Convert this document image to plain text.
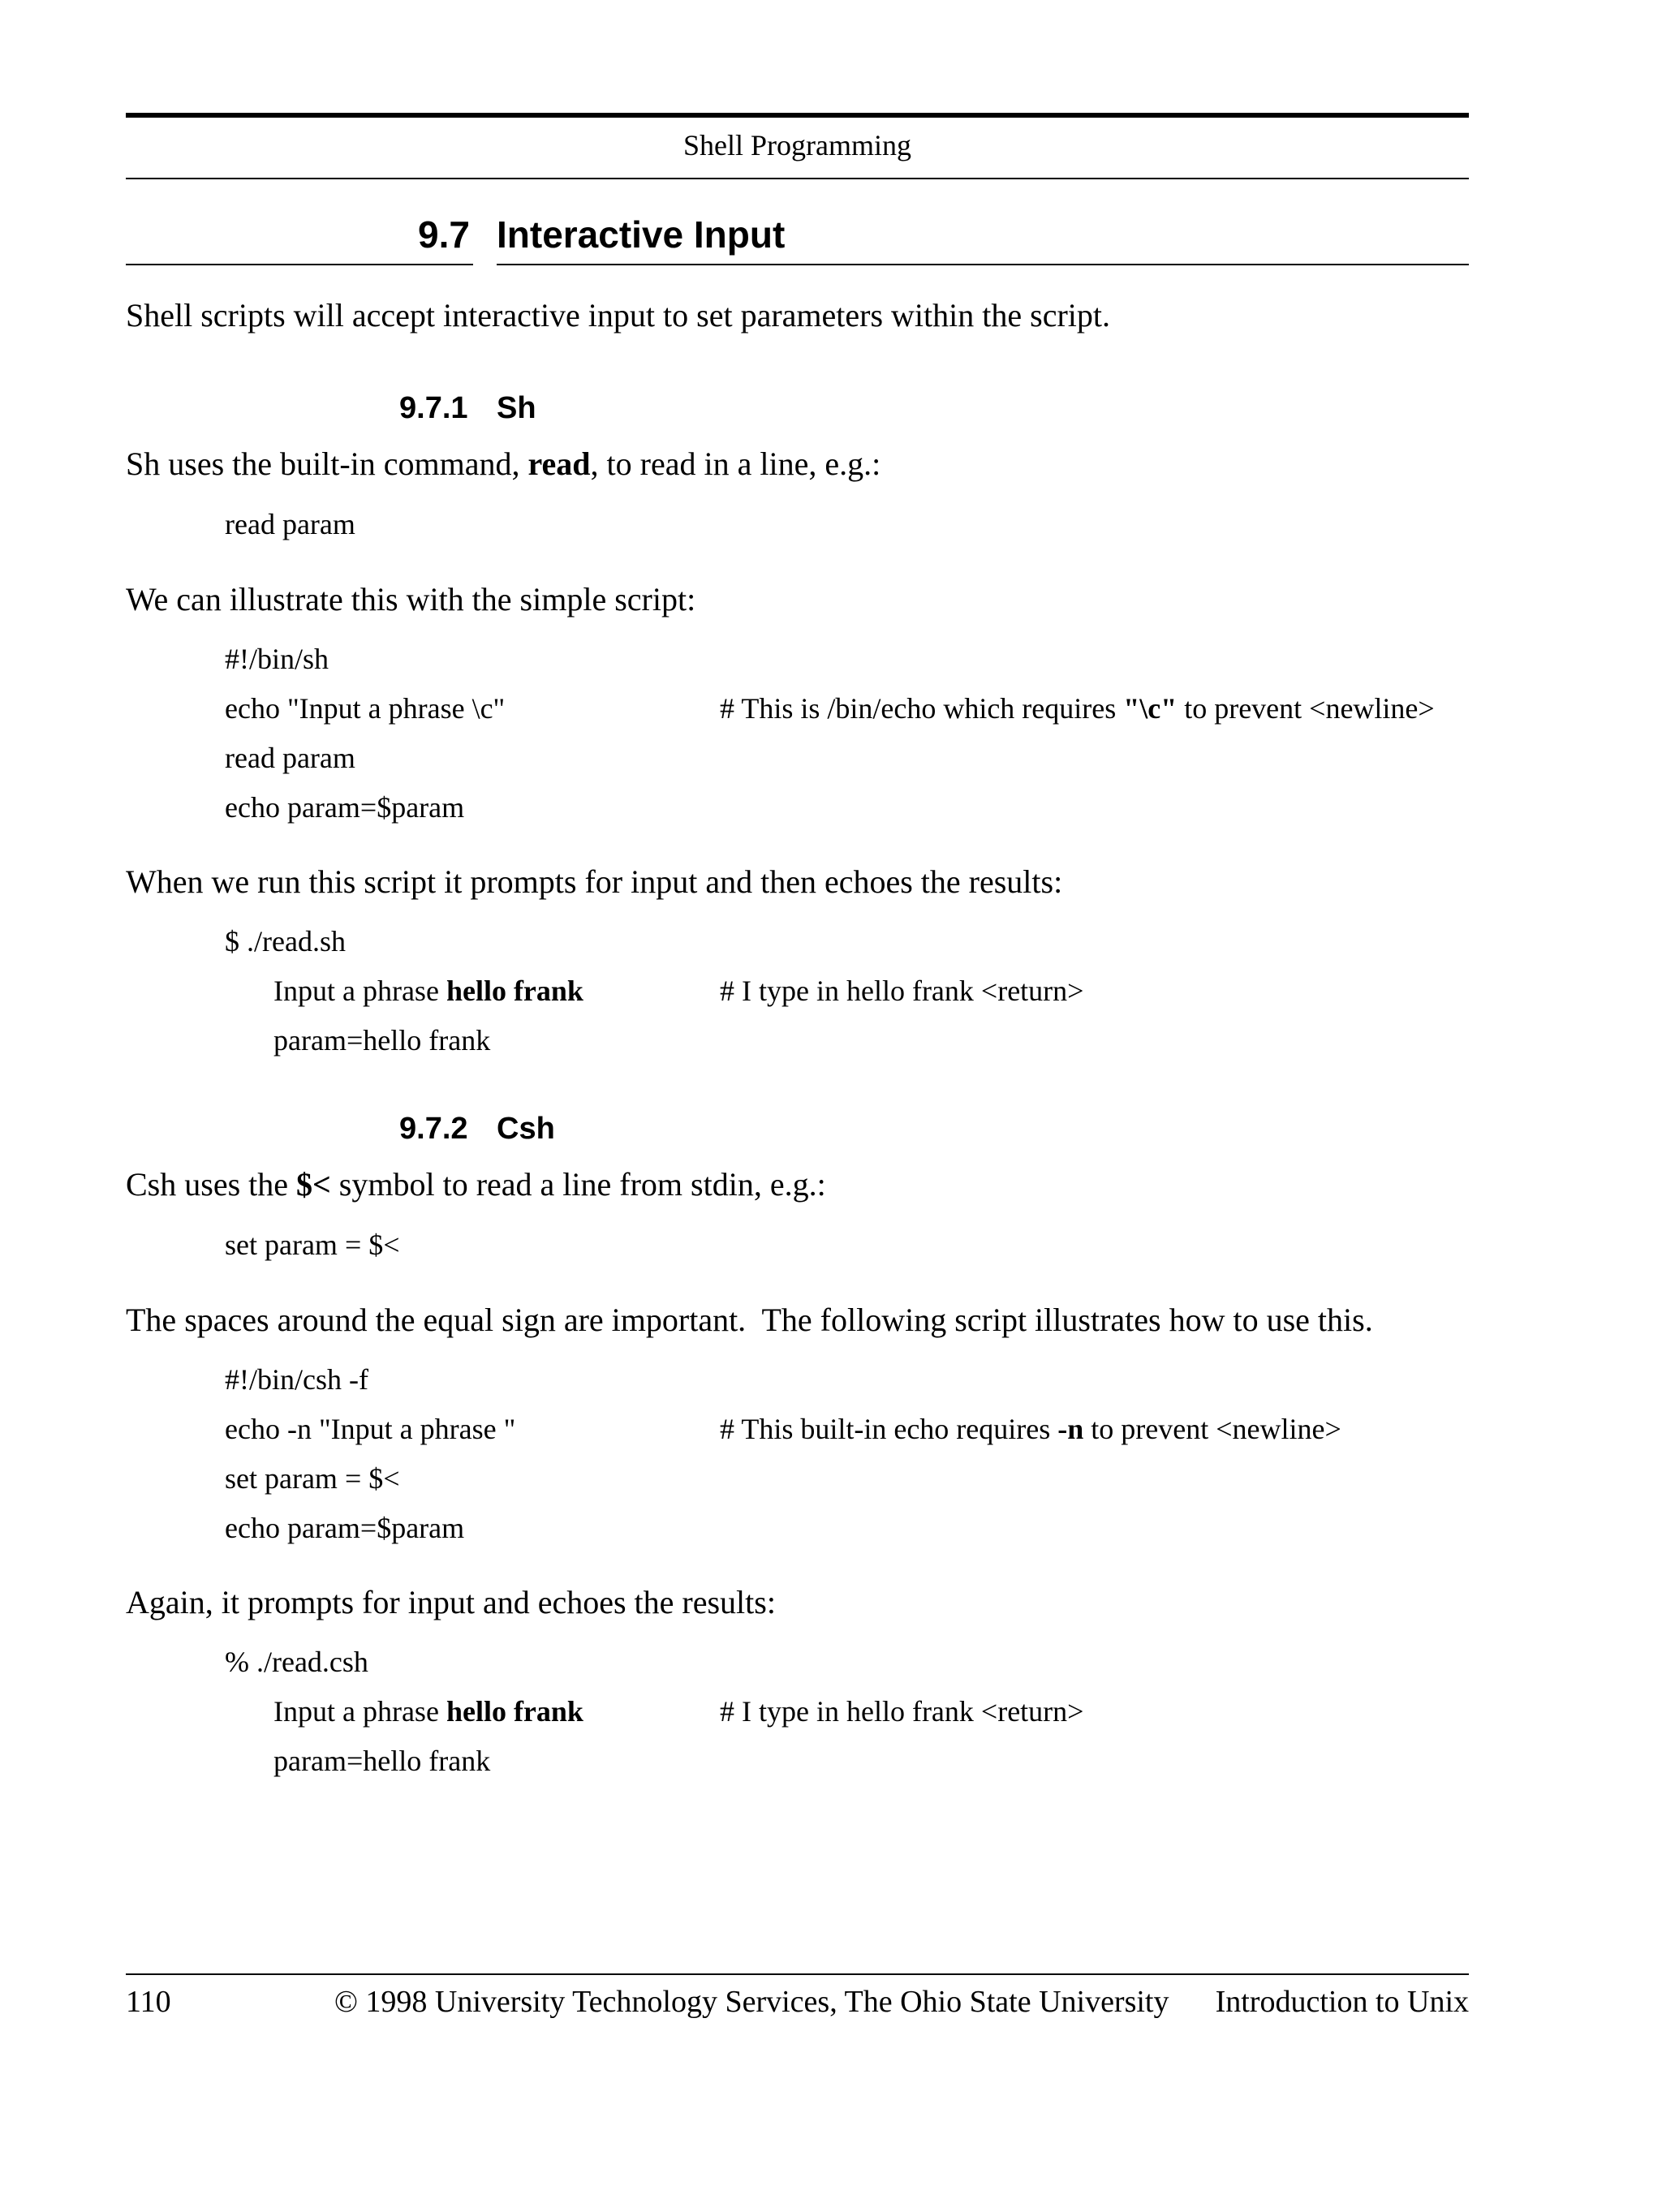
Shell Programming
9.7 Interactive Input
Shell scripts will accept interactive input to set parameters within the script.
9.7.1 Sh
Sh uses the built-in command, read, to read in a line, e.g.:
read param
We can illustrate this with the simple script:
#!/bin/sh
echo "Input a phrase \c"	# This is /bin/echo which requires "\c" to prevent <newline>
read param
echo param=$param
When we run this script it prompts for input and then echoes the results:
$ ./read.sh
Input a phrase hello frank	# I type in hello frank <return>
param=hello frank
9.7.2 Csh
Csh uses the $< symbol to read a line from stdin, e.g.:
set param = $<
The spaces around the equal sign are important.  The following script illustrates how to use this.
#!/bin/csh -f
echo -n "Input a phrase "	# This built-in echo requires -n to prevent <newline>
set param = $<
echo param=$param
Again, it prompts for input and echoes the results:
% ./read.csh
Input a phrase hello frank	# I type in hello frank <return>
param=hello frank
110	© 1998 University Technology Services, The Ohio State University Introduction to Unix
